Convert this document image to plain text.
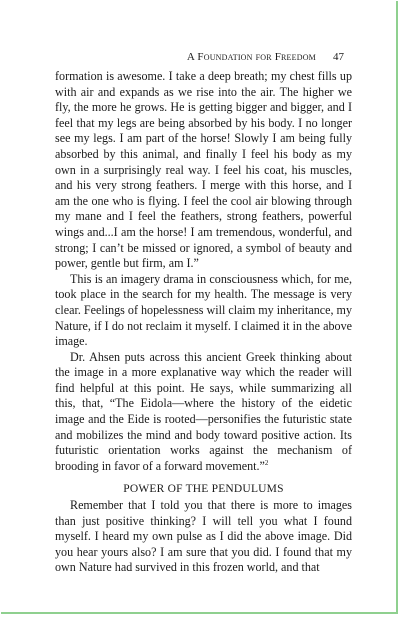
A Foundation for Freedom 47

formation is awesome. I take a deep breath; my chest fills up with air and expands as we rise into the air. The higher we fly, the more he grows. He is getting bigger and bigger, and I feel that my legs are being absorbed by his body. I no longer see my legs. I am part of the horse! Slowly I am being fully absorbed by this animal, and finally I feel his body as my own in a surprisingly real way. I feel his coat, his muscles, and his very strong feathers. I merge with this horse, and I am the one who is flying. I feel the cool air blowing through my mane and I feel the feathers, strong feathers, powerful wings and...I am the horse! I am tremendous, wonderful, and strong; I can’t be missed or ignored, a symbol of beauty and power, gentle but firm, am I.”

This is an imagery drama in consciousness which, for me, took place in the search for my health. The message is very clear. Feelings of hopelessness will claim my inheritance, my Nature, if I do not reclaim it myself. I claimed it in the above image.

Dr. Ahsen puts across this ancient Greek thinking about the image in a more explanative way which the reader will find helpful at this point. He says, while summarizing all this, that, “The Eidola—where the history of the eidetic image and the Eide is rooted—personifies the futuristic state and mobilizes the mind and body toward positive action. Its futuristic orientation works against the mechanism of brooding in favor of a forward movement.”$^2$

POWER OF THE PENDULUMS

Remember that I told you that there is more to images than just positive thinking? I will tell you what I found myself. I heard my own pulse as I did the above image. Did you hear yours also? I am sure that you did. I found that my own Nature had survived in this frozen world, and that
